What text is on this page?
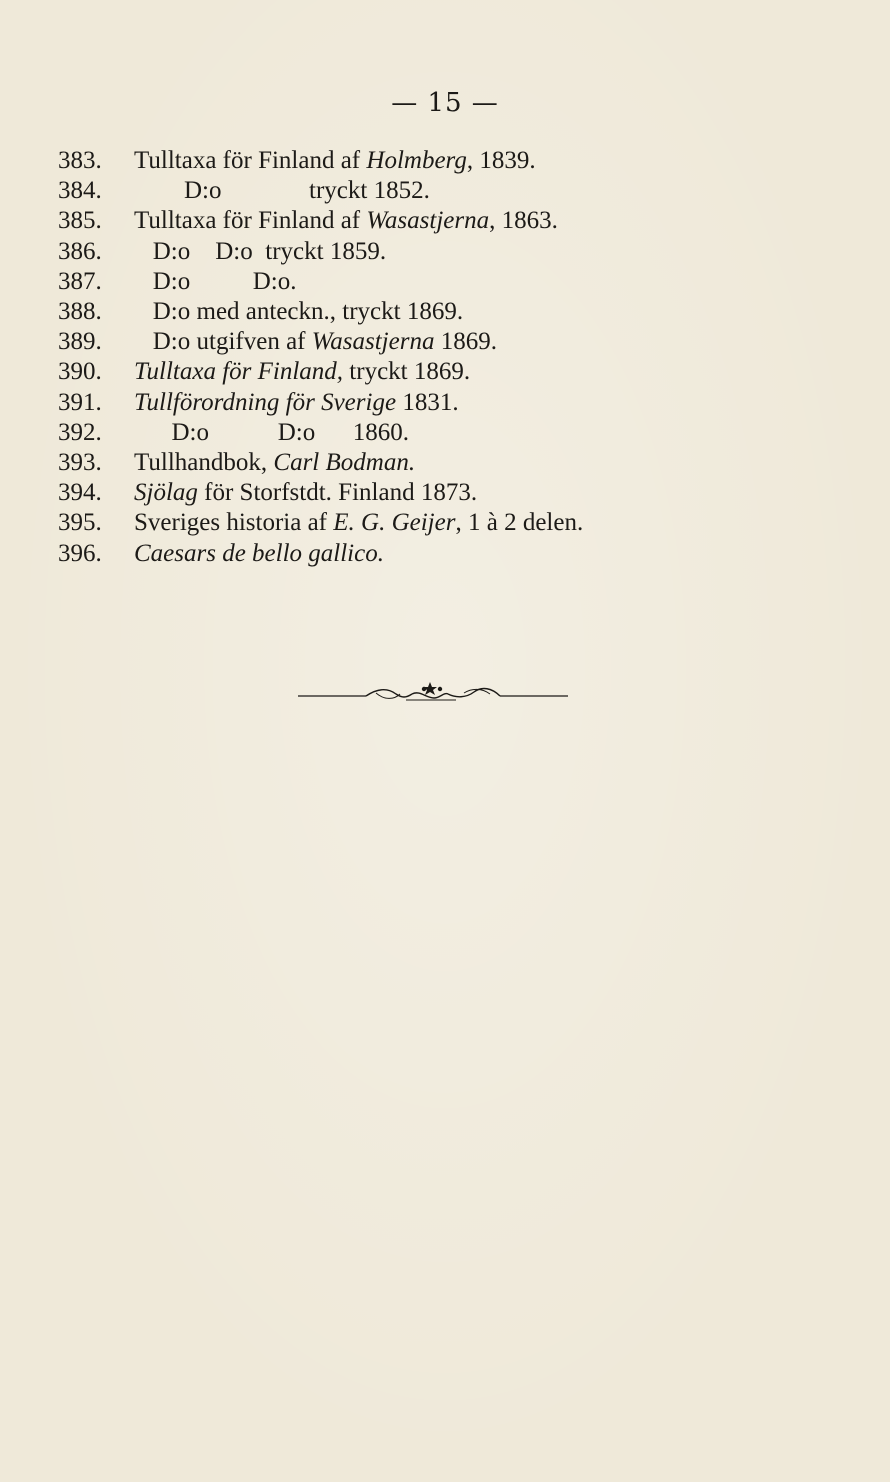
— 15 —
383.	Tulltaxa för Finland af Holmberg, 1839.
384.	D:o              tryckt 1852.
385.	Tulltaxa för Finland af Wasastjerna, 1863.
386.	D:o    D:o  tryckt 1859.
387.	D:o          D:o.
388.	D:o med anteckn., tryckt 1869.
389.	D:o utgifven af Wasastjerna 1869.
390.	Tulltaxa för Finland, tryckt 1869.
391.	Tullförordning för Sverige 1831.
392.	D:o           D:o      1860.
393.	Tullhandbok, Carl Bodman.
394.	Sjölag för Storfstdt. Finland 1873.
395.	Sveriges historia af E. G. Geijer, 1 à 2 delen.
396.	Caesars de bello gallico.
